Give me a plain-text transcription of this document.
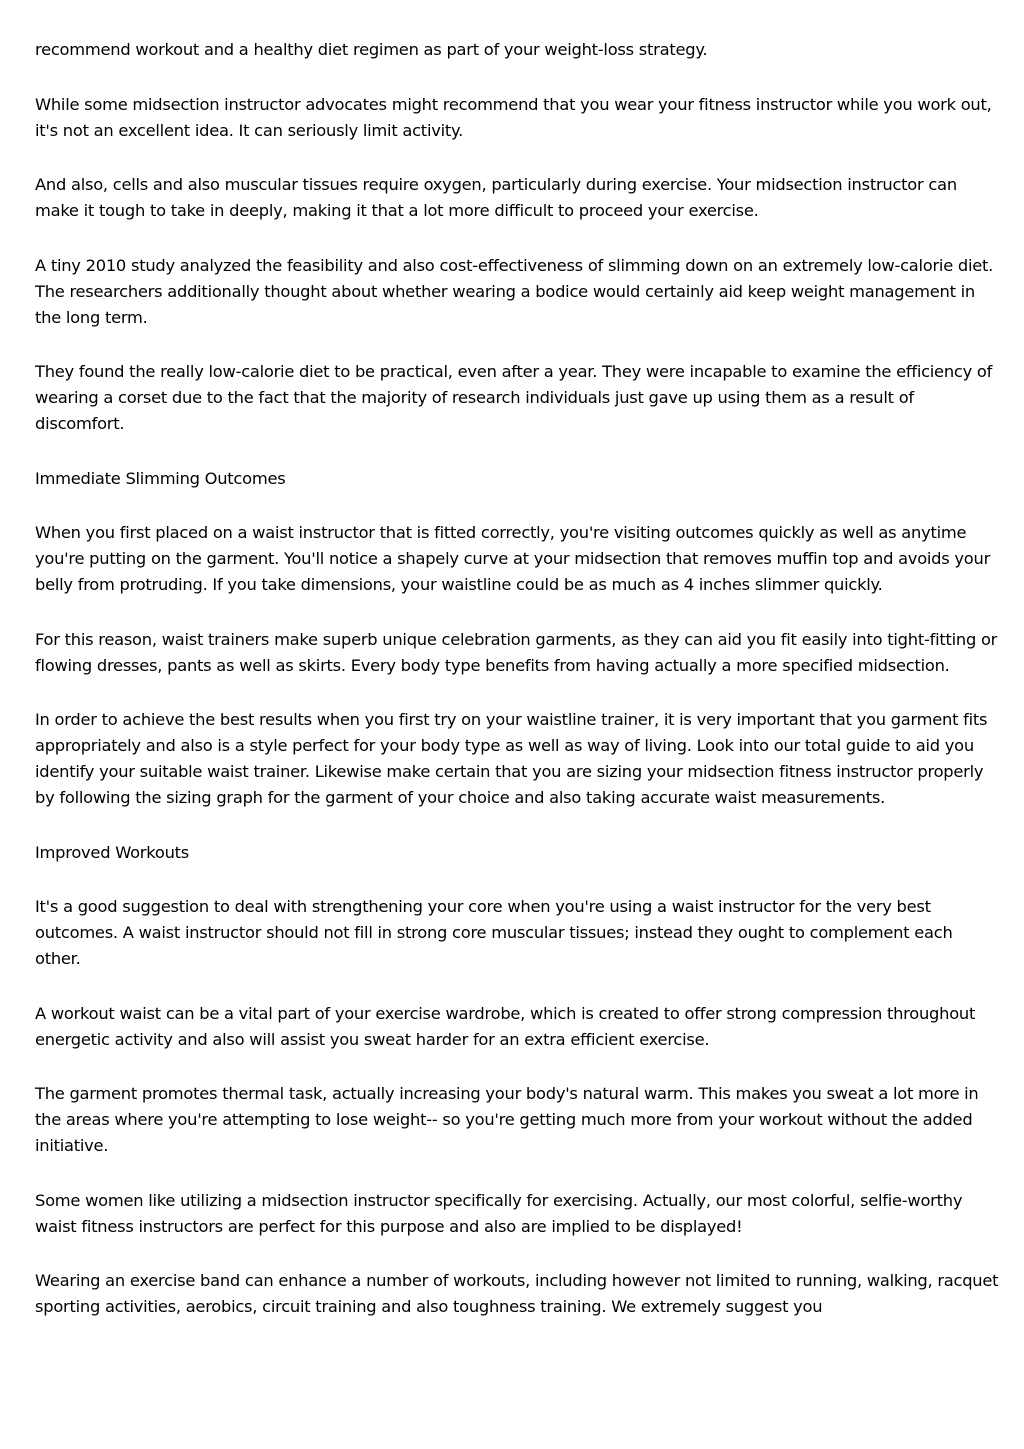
recommend workout and a healthy diet regimen as part of your weight-loss strategy.

While some midsection instructor advocates might recommend that you wear your fitness instructor while you work out, it's not an excellent idea. It can seriously limit activity.

And also, cells and also muscular tissues require oxygen, particularly during exercise. Your midsection instructor can make it tough to take in deeply, making it that a lot more difficult to proceed your exercise.

A tiny 2010 study analyzed the feasibility and also cost-effectiveness of slimming down on an extremely low-calorie diet. The researchers additionally thought about whether wearing a bodice would certainly aid keep weight management in the long term.

They found the really low-calorie diet to be practical, even after a year. They were incapable to examine the efficiency of wearing a corset due to the fact that the majority of research individuals just gave up using them as a result of discomfort.

Immediate Slimming Outcomes

When you first placed on a waist instructor that is fitted correctly, you're visiting outcomes quickly as well as anytime you're putting on the garment. You'll notice a shapely curve at your midsection that removes muffin top and avoids your belly from protruding. If you take dimensions, your waistline could be as much as 4 inches slimmer quickly.

For this reason, waist trainers make superb unique celebration garments, as they can aid you fit easily into tight-fitting or flowing dresses, pants as well as skirts. Every body type benefits from having actually a more specified midsection.

In order to achieve the best results when you first try on your waistline trainer, it is very important that you garment fits appropriately and also is a style perfect for your body type as well as way of living. Look into our total guide to aid you identify your suitable waist trainer. Likewise make certain that you are sizing your midsection fitness instructor properly by following the sizing graph for the garment of your choice and also taking accurate waist measurements.

Improved Workouts

It's a good suggestion to deal with strengthening your core when you're using a waist instructor for the very best outcomes. A waist instructor should not fill in strong core muscular tissues; instead they ought to complement each other.

A workout waist can be a vital part of your exercise wardrobe, which is created to offer strong compression throughout energetic activity and also will assist you sweat harder for an extra efficient exercise.

The garment promotes thermal task, actually increasing your body's natural warm. This makes you sweat a lot more in the areas where you're attempting to lose weight-- so you're getting much more from your workout without the added initiative.

Some women like utilizing a midsection instructor specifically for exercising. Actually, our most colorful, selfie-worthy waist fitness instructors are perfect for this purpose and also are implied to be displayed!

Wearing an exercise band can enhance a number of workouts, including however not limited to running, walking, racquet sporting activities, aerobics, circuit training and also toughness training. We extremely suggest you
